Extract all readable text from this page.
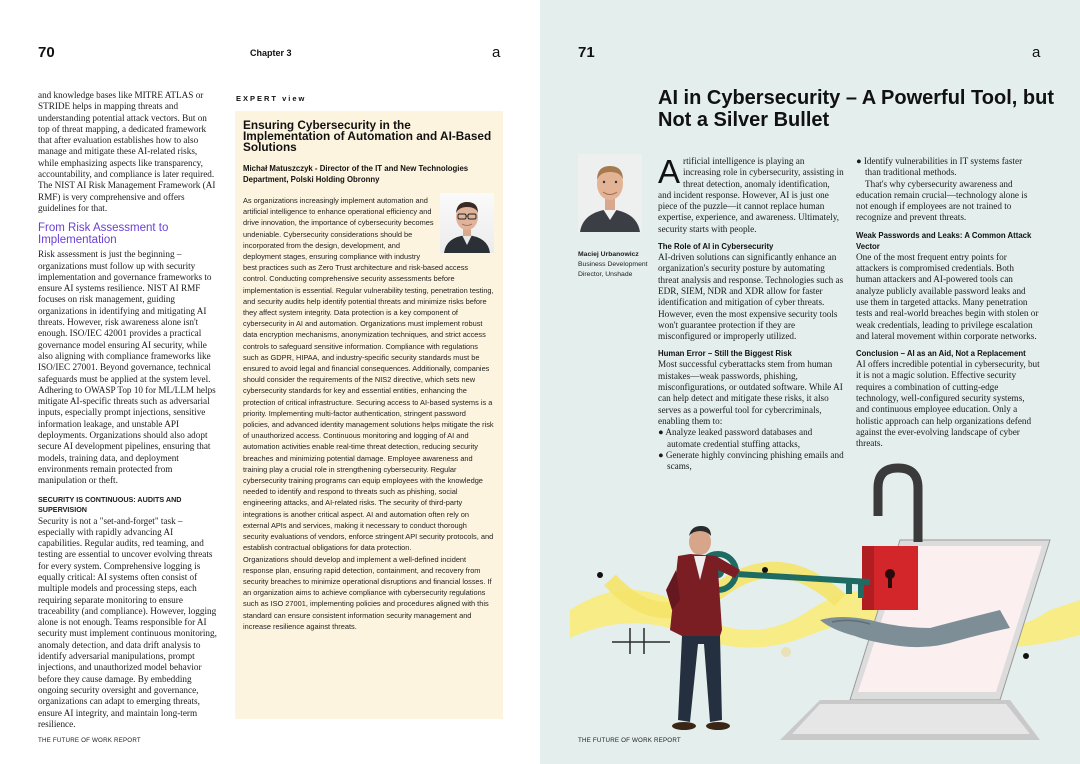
70	Chapter 3	a

and knowledge bases like MITRE ATLAS or STRIDE helps in mapping threats and understanding potential attack vectors. But on top of threat mapping, a dedicated framework that after evaluation establishes how to also manage and mitigate these AI-related risks, while emphasizing aspects like transparency, accountability, and compliance is later required. The NIST AI Risk Management Framework (AI RMF) is very comprehensive and offers guidelines for that.

From Risk Assessment to Implementation

Risk assessment is just the beginning – organizations must follow up with security implementation and governance frameworks to ensure AI systems resilience. NIST AI RMF focuses on risk management, guiding organizations in identifying and mitigating AI threats. However, risk awareness alone isn't enough. ISO/IEC 42001 provides a practical governance model ensuring AI security, while also aligning with compliance frameworks like ISO/IEC 27001. Beyond governance, technical safeguards must be applied at the system level. Adhering to OWASP Top 10 for ML/LLM helps mitigate AI-specific threats such as adversarial inputs, especially prompt injections, sensitive information leakage, and unstable API deployments. Organizations should also adopt secure AI development pipelines, ensuring that models, training data, and deployment environments remain protected from manipulation or theft.

SECURITY IS CONTINUOUS: AUDITS AND SUPERVISION

Security is not a "set-and-forget" task – especially with rapidly advancing AI capabilities. Regular audits, red teaming, and testing are essential to uncover evolving threats for every system. Comprehensive logging is equally critical: AI systems often consist of multiple models and processing steps, each requiring separate monitoring to ensure traceability (and compliance). However, logging alone is not enough. Teams responsible for AI security must implement continuous monitoring, anomaly detection, and data drift analysis to identify adversarial manipulations, prompt injections, and unauthorized model behavior before they cause damage. By embedding ongoing security oversight and governance, organizations can adapt to emerging threats, ensure AI integrity, and maintain long-term resilience.

EXPERT view
Ensuring Cybersecurity in the Implementation of Automation and AI-Based Solutions
Michał Matuszczyk - Director of the IT and New Technologies Department, Polski Holding Obronny

As organizations increasingly implement automation and artificial intelligence to enhance operational efficiency and drive innovation, the importance of cybersecurity becomes undeniable. Cybersecurity considerations should be incorporated from the design, development, and deployment stages, ensuring compliance with industry best practices such as Zero Trust architecture and risk-based access control. Conducting comprehensive security assessments before implementation is essential. Regular vulnerability testing, penetration testing, and security audits help identify potential threats and minimize risks before they affect system integrity. Data protection is a key component of cybersecurity in AI and automation. Organizations must implement robust data encryption mechanisms, anonymization techniques, and strict access controls to safeguard sensitive information. Compliance with regulations such as GDPR, HIPAA, and industry-specific security standards must be ensured to avoid legal and financial consequences. Additionally, companies should consider the requirements of the NIS2 directive, which sets new cybersecurity standards for key and essential entities, enhancing the protection of critical infrastructure. Securing access to AI-based systems is a priority. Implementing multi-factor authentication, stringent password policies, and advanced identity management solutions helps mitigate the risk of unauthorized access. Continuous monitoring and logging of AI and automation activities enable real-time threat detection, reducing security breaches and minimizing potential damage. Employee awareness and training play a crucial role in strengthening cybersecurity. Regular cybersecurity training programs can equip employees with the knowledge needed to identify and respond to threats such as phishing, social engineering attacks, and AI-related risks. The security of third-party integrations is another critical aspect. AI and automation often rely on external APIs and services, making it necessary to conduct thorough security evaluations of vendors, enforce stringent API security protocols, and establish contractual obligations for data protection.

Organizations should develop and implement a well-defined incident response plan, ensuring rapid detection, containment, and recovery from security breaches to minimize operational disruptions and financial losses. If an organization aims to achieve compliance with cybersecurity regulations such as ISO 27001, implementing policies and procedures aligned with this standard can ensure consistent information security management and increase resilience against threats.

THE FUTURE OF WORK REPORT
71	a
AI in Cybersecurity – A Powerful Tool, but Not a Silver Bullet
Maciej Urbanowicz
Business Development Director, Unshade

Artificial intelligence is playing an increasing role in cybersecurity, assisting in threat detection, anomaly identification, and incident response. However, AI is just one piece of the puzzle—it cannot replace human expertise, experience, and awareness. Ultimately, security starts with people.

The Role of AI in Cybersecurity

AI-driven solutions can significantly enhance an organization's security posture by automating threat analysis and response. Technologies such as EDR, SIEM, NDR and XDR allow for faster identification and mitigation of cyber threats. However, even the most expensive security tools won't guarantee protection if they are misconfigured or improperly utilized.

Human Error – Still the Biggest Risk

Most successful cyberattacks stem from human mistakes—weak passwords, phishing, misconfigurations, or outdated software. While AI can help detect and mitigate these risks, it also serves as a powerful tool for cybercriminals, enabling them to:

● Analyze leaked password databases and automate credential stuffing attacks,

● Generate highly convincing phishing emails and scams,

● Identify vulnerabilities in IT systems faster than traditional methods.

That's why cybersecurity awareness and education remain crucial—technology alone is not enough if employees are not trained to recognize and prevent threats.

Weak Passwords and Leaks: A Common Attack Vector

One of the most frequent entry points for attackers is compromised credentials. Both human attackers and AI-powered tools can analyze publicly available password leaks and use them in targeted attacks. Many penetration tests and real-world breaches begin with stolen or weak credentials, leading to privilege escalation and lateral movement within corporate networks.

Conclusion – AI as an Aid, Not a Replacement

AI offers incredible potential in cybersecurity, but it is not a magic solution. Effective security requires a combination of cutting-edge technology, well-configured security systems, and continuous employee education. Only a holistic approach can help organizations defend against the ever-evolving landscape of cyber threats.

THE FUTURE OF WORK REPORT
